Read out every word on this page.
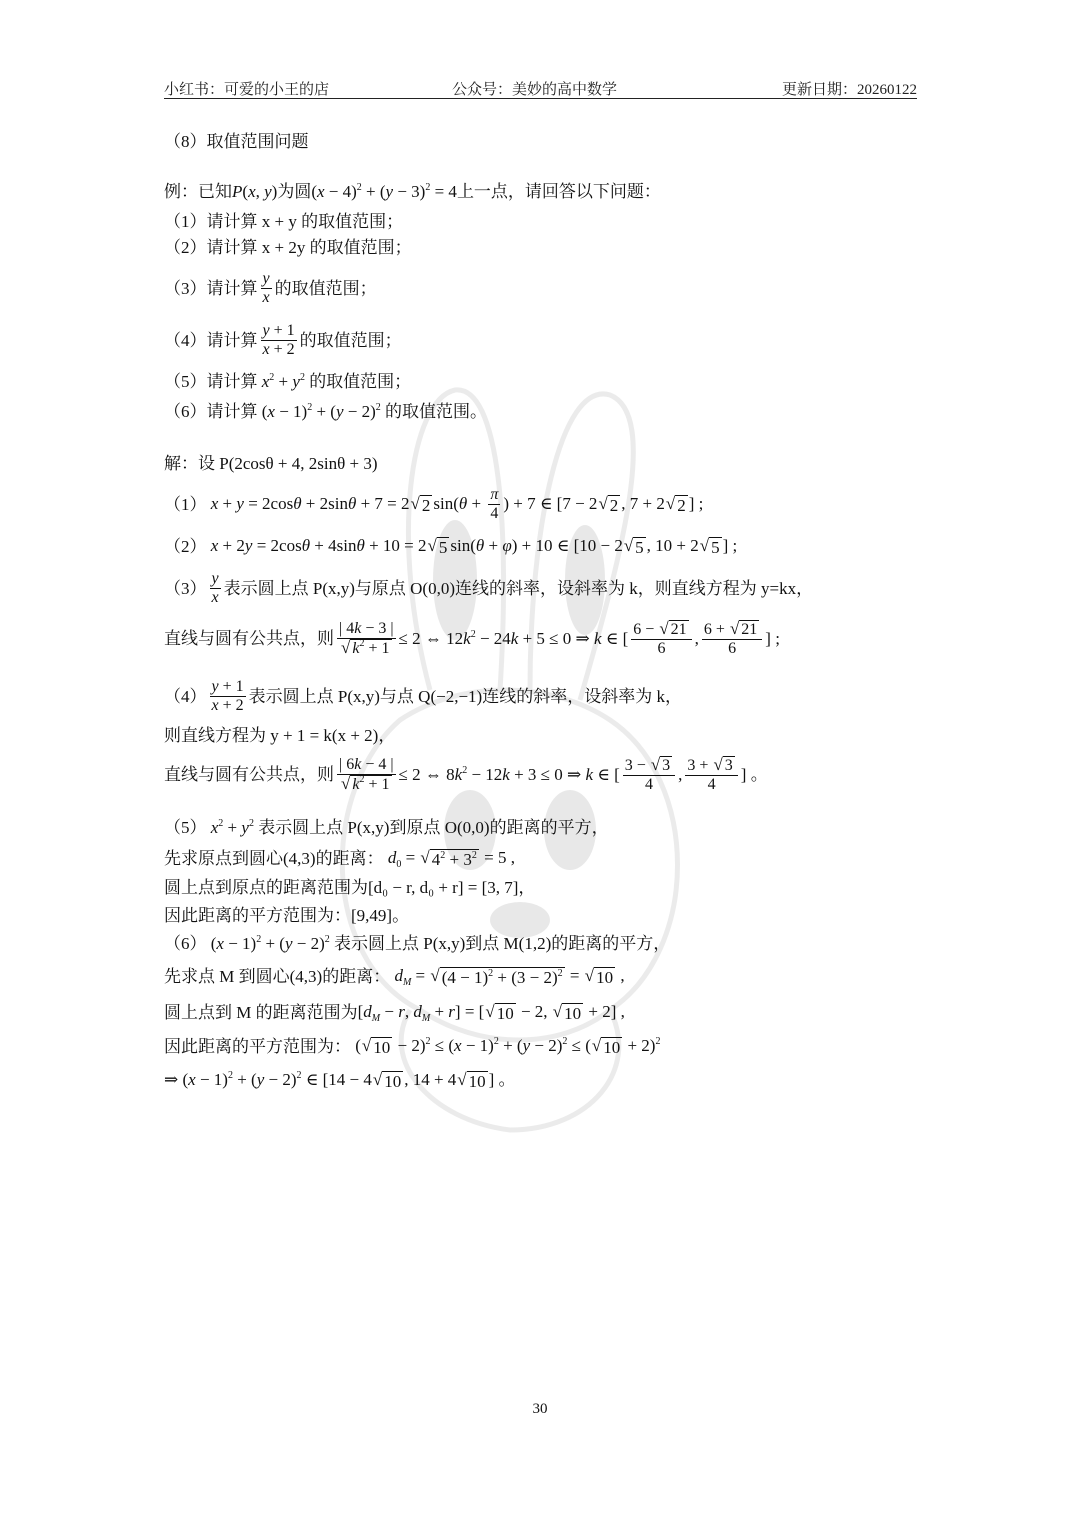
小红书：可爱的小王的店	公众号：美妙的高中数学	更新日期：20260122
（8）取值范围问题
例：已知 P(x, y) 为圆 $(x - 4)^2 + (y - 3)^2 = 4$ 上一点，请回答以下问题：
（1）请计算 x + y 的取值范围；
（2）请计算 x + 2y 的取值范围；
（3）请计算 $\frac{y}{x}$ 的取值范围；
（4）请计算 $\frac{y + 1}{x + 2}$ 的取值范围；
（5）请计算 $x^2 + y^2$ 的取值范围；
（6）请计算 $(x - 1)^2 + (y - 2)^2$ 的取值范围。
解：设 P(2cosθ + 4, 2sinθ + 3)
（1） x + y = 2cosθ + 2sinθ + 7 = 2 √ 2 $\sin(\theta + \frac{\pi}{4}$ ) + 7 ∈ [7 − 2 √ 2 , 7 + 2 √ 2 ] ;
（2） x + 2y = 2cosθ + 4sinθ + 10 = 2 √ 5 sin(θ + φ) + 10 ∈ [10 − 2 √ 5 , 10 + 2 √ 5 ] ;
$(3) \frac{y}{x}$ 表示圆上点 P(x,y)与原点 O(0,0)连线的斜率，设斜率为 k，则直线方程为 y=kx，
直线与圆有公共点，则 $\frac{| 4k - 3 |}{√ k^2 + 1} \le 2$ ⇔ $12k^2 - 24k + 5 \le 0$ ⇒ k ∈ [ $\frac{6 - √ 21}{6}$ , $\frac{6 + √ 21}{6}$ ] ;
$(4) \frac{y + 1}{x + 2}$ 表示圆上点 P(x,y)与点 Q(−2,−1)连线的斜率，设斜率为 k，
则直线方程为 y + 1 = k(x + 2)，
直线与圆有公共点，则 $\frac{| 6k - 4 |}{√ k^2 + 1} \le 2$ ⇔ $8k^2 - 12k + 3 \le 0$ ⇒ k ∈ [ $\frac{3 - √ 3}{4}$ , $\frac{3 + √ 3}{4}$ ] 。
（5） $x^2 + y^2$ 表示圆上点 P(x,y)到原点 O(0,0)的距离的平方，
先求原点到圆心(4,3)的距离： $d_0$ = √ $4^2 + 3^2 = 5$ ,
圆上点到原点的距离范围为[d₀ − r, d₀ + r] = [3, 7]，
因此距离的平方范围为：[9,49]。
（6） $(x - 1)^2 + (y - 2)^2$ 表示圆上点 P(x,y)到点 M(1,2)的距离的平方，
先求点 M 到圆心(4,3)的距离： $d_M$ = √ $(4 - 1)^2 + (3 - 2)^2$ = √ 10 ,
圆上点到 M 的距离范围为 [$d_M - r$, $d_M + r$] = [ √ 10 − 2, √ 10 + 2] ,
因此距离的平方范围为： ( √ $10 - 2)^2 \le (x - 1)^2 + (y - 2)^2$ ≤ ( √ 10 + 2)$^2$
⇒ $(x - 1)^2 + (y - 2)^2$ ∈ [14 − 4 √ 10 , 14 + 4 √ 10 ] 。
30
